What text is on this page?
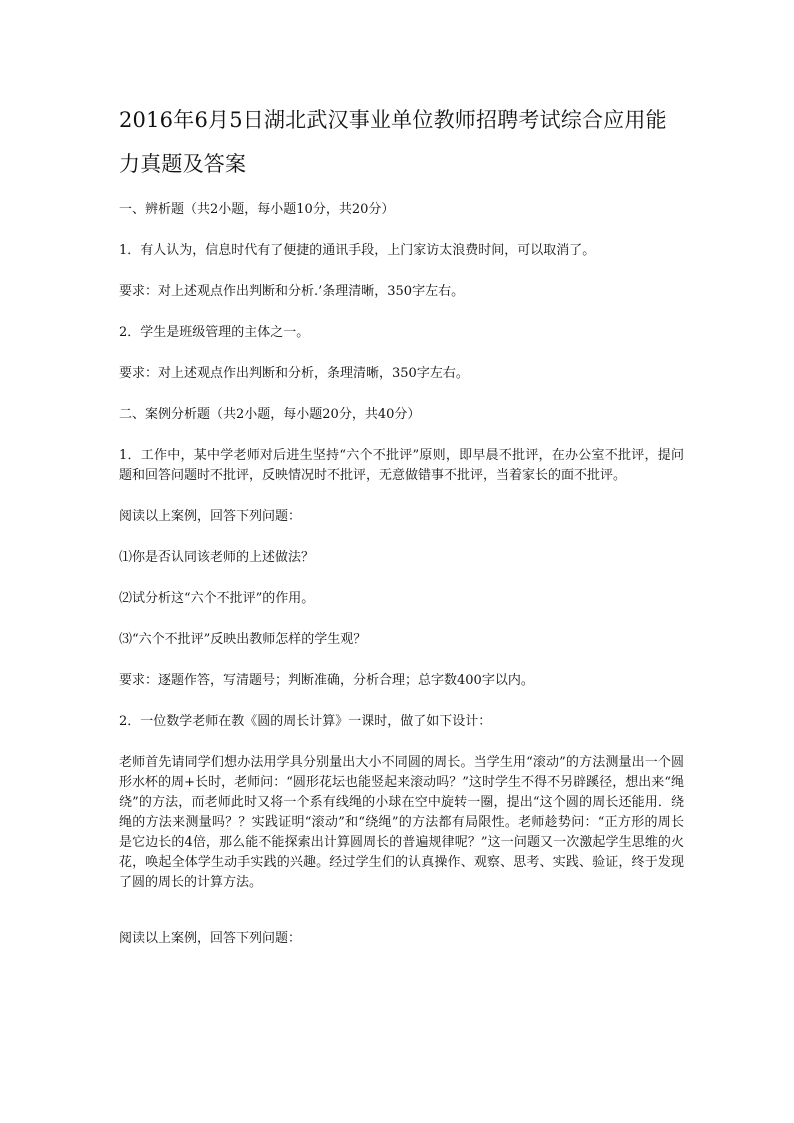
2016年6月5日湖北武汉事业单位教师招聘考试综合应用能力真题及答案

一、辨析题（共2小题，每小题10分，共20分）

1．有人认为，信息时代有了便捷的通讯手段，上门家访太浪费时间，可以取消了。

要求：对上述观点作出判断和分析.’条理清晰，350字左右。

2．学生是班级管理的主体之一。

要求：对上述观点作出判断和分析，条理清晰，350字左右。

二、案例分析题（共2小题，每小题20分，共40分）

1．工作中，某中学老师对后进生坚持“六个不批评”原则，即早晨不批评，在办公室不批评，提问题和回答问题时不批评，反映情况时不批评，无意做错事不批评，当着家长的面不批评。

阅读以上案例，回答下列问题：

⑴你是否认同该老师的上述做法？

⑵试分析这“六个不批评”的作用。

⑶“六个不批评”反映出教师怎样的学生观？

要求：逐题作答，写清题号；判断准确，分析合理；总字数400字以内。

2．一位数学老师在教《圆的周长计算》一课时，做了如下设计：

老师首先请同学们想办法用学具分别量出大小不同圆的周长。当学生用“滚动”的方法测量出一个圆形水杯的周+长时，老师问：“圆形花坛也能竖起来滚动吗？”这时学生不得不另辟蹊径，想出来“绳绕”的方法，而老师此时又将一个系有线绳的小球在空中旋转一圈，提出“这个圆的周长还能用．绕绳的方法来测量吗？？实践证明“滚动”和“绕绳”的方法都有局限性。老师趁势问：“正方形的周长是它边长的4倍，那么能不能探索出计算圆周长的普遍规律呢？”这一问题又一次激起学生思维的火花，唤起全体学生动手实践的兴趣。经过学生们的认真操作、观察、思考、实践、验证，终于发现了圆的周长的计算方法。

阅读以上案例，回答下列问题：
